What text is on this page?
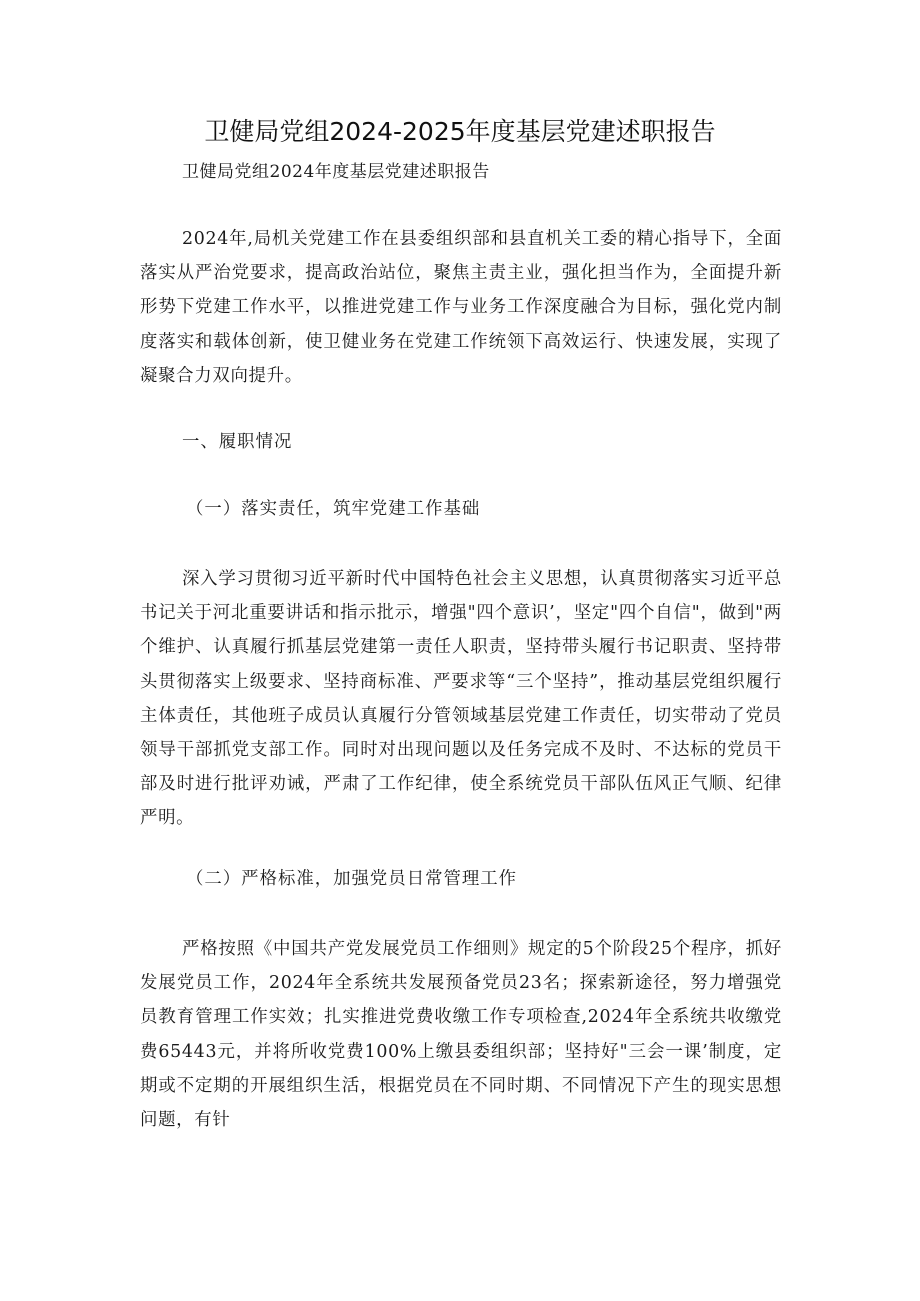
卫健局党组2024-2025年度基层党建述职报告

卫健局党组2024年度基层党建述职报告

2024年,局机关党建工作在县委组织部和县直机关工委的精心指导下，全面落实从严治党要求，提高政治站位，聚焦主责主业，强化担当作为，全面提升新形势下党建工作水平，以推进党建工作与业务工作深度融合为目标，强化党内制度落实和载体创新，使卫健业务在党建工作统领下高效运行、快速发展，实现了凝聚合力双向提升。

一、履职情况

（一）落实责任，筑牢党建工作基础

深入学习贯彻习近平新时代中国特色社会主义思想，认真贯彻落实习近平总书记关于河北重要讲话和指示批示，增强"四个意识’，坚定"四个自信"，做到"两个维护、认真履行抓基层党建第一责任人职责，坚持带头履行书记职责、坚持带头贯彻落实上级要求、坚持商标准、严要求等“三个坚持”，推动基层党组织履行主体责任，其他班子成员认真履行分管领域基层党建工作责任，切实带动了党员领导干部抓党支部工作。同时对出现问题以及任务完成不及时、不达标的党员干部及时进行批评劝诫，严肃了工作纪律，使全系统党员干部队伍风正气顺、纪律严明。

（二）严格标准，加强党员日常管理工作

严格按照《中国共产党发展党员工作细则》规定的5个阶段25个程序，抓好发展党员工作，2024年全系统共发展预备党员23名；探索新途径，努力增强党员教育管理工作实效；扎实推进党费收缴工作专项检查,2024年全系统共收缴党费65443元，并将所收党费100%上缴县委组织部；坚持好"三会一课’制度，定期或不定期的开展组织生活，根据党员在不同时期、不同情况下产生的现实思想问题，有针
